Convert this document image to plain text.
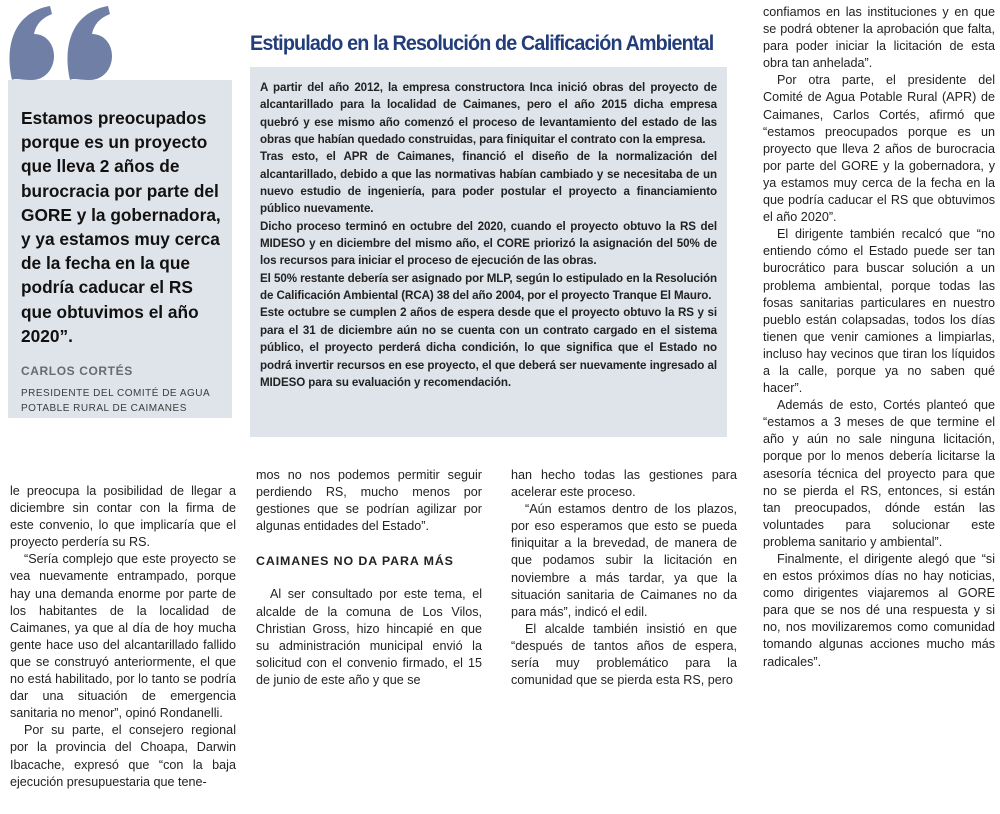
Estamos preocupados porque es un proyecto que lleva 2 años de burocracia por parte del GORE y la gobernadora, y ya estamos muy cerca de la fecha en la que podría caducar el RS que obtuvimos el año 2020”.

CARLOS CORTÉS
PRESIDENTE DEL COMITÉ DE AGUA POTABLE RURAL DE CAIMANES
Estipulado en la Resolución de Calificación Ambiental

A partir del año 2012, la empresa constructora Inca inició obras del proyecto de alcantarillado para la localidad de Caimanes, pero el año 2015 dicha empresa quebró y ese mismo año comenzó el proceso de levantamiento del estado de las obras que habían quedado construidas, para finiquitar el contrato con la empresa.

Tras esto, el APR de Caimanes, financió el diseño de la normalización del alcantarillado, debido a que las normativas habían cambiado y se necesitaba de un nuevo estudio de ingeniería, para poder postular el proyecto a financiamiento público nuevamente.

Dicho proceso terminó en octubre del 2020, cuando el proyecto obtuvo la RS del MIDESO y en diciembre del mismo año, el CORE priorizó la asignación del 50% de los recursos para iniciar el proceso de ejecución de las obras.

El 50% restante debería ser asignado por MLP, según lo estipulado en la Resolución de Calificación Ambiental (RCA) 38 del año 2004, por el proyecto Tranque El Mauro.

Este octubre se cumplen 2 años de espera desde que el proyecto obtuvo la RS y si para el 31 de diciembre aún no se cuenta con un contrato cargado en el sistema público, el proyecto perderá dicha condición, lo que significa que el Estado no podrá invertir recursos en ese proyecto, el que deberá ser nuevamente ingresado al MIDESO para su evaluación y recomendación.

confiamos en las instituciones y en que se podrá obtener la aprobación que falta, para poder iniciar la licitación de esta obra tan anhelada”.

Por otra parte, el presidente del Comité de Agua Potable Rural (APR) de Caimanes, Carlos Cortés, afirmó que “estamos preocupados porque es un proyecto que lleva 2 años de burocracia por parte del GORE y la gobernadora, y ya estamos muy cerca de la fecha en la que podría caducar el RS que obtuvimos el año 2020”.

El dirigente también recalcó que “no entiendo cómo el Estado puede ser tan burocrático para buscar solución a un problema ambiental, porque todas las fosas sanitarias particulares en nuestro pueblo están colapsadas, todos los días tienen que venir camiones a limpiarlas, incluso hay vecinos que tiran los líquidos a la calle, porque ya no saben qué hacer”.

Además de esto, Cortés planteó que “estamos a 3 meses de que termine el año y aún no sale ninguna licitación, porque por lo menos debería licitarse la asesoría técnica del proyecto para que no se pierda el RS, entonces, si están tan preocupados, dónde están las voluntades para solucionar este problema sanitario y ambiental”.

Finalmente, el dirigente alegó que “si en estos próximos días no hay noticias, como dirigentes viajaremos al GORE para que se nos dé una respuesta y si no, nos movilizaremos como comunidad tomando algunas acciones mucho más radicales”.

le preocupa la posibilidad de llegar a diciembre sin contar con la firma de este convenio, lo que implicaría que el proyecto perdería su RS.

“Sería complejo que este proyecto se vea nuevamente entrampado, porque hay una demanda enorme por parte de los habitantes de la localidad de Caimanes, ya que al día de hoy mucha gente hace uso del alcantarillado fallido que se construyó anteriormente, el que no está habilitado, por lo tanto se podría dar una situación de emergencia sanitaria no menor”, opinó Rondanelli.

Por su parte, el consejero regional por la provincia del Choapa, Darwin Ibacache, expresó que “con la baja ejecución presupuestaria que tene-

mos no nos podemos permitir seguir perdiendo RS, mucho menos por gestiones que se podrían agilizar por algunas entidades del Estado”.

CAIMANES NO DA PARA MÁS

Al ser consultado por este tema, el alcalde de la comuna de Los Vilos, Christian Gross, hizo hincapié en que su administración municipal envió la solicitud con el convenio firmado, el 15 de junio de este año y que se

han hecho todas las gestiones para acelerar este proceso.

“Aún estamos dentro de los plazos, por eso esperamos que esto se pueda finiquitar a la brevedad, de manera de que podamos subir la licitación en noviembre a más tardar, ya que la situación sanitaria de Caimanes no da para más”, indicó el edil.

El alcalde también insistió en que “después de tantos años de espera, sería muy problemático para la comunidad que se pierda esta RS, pero
